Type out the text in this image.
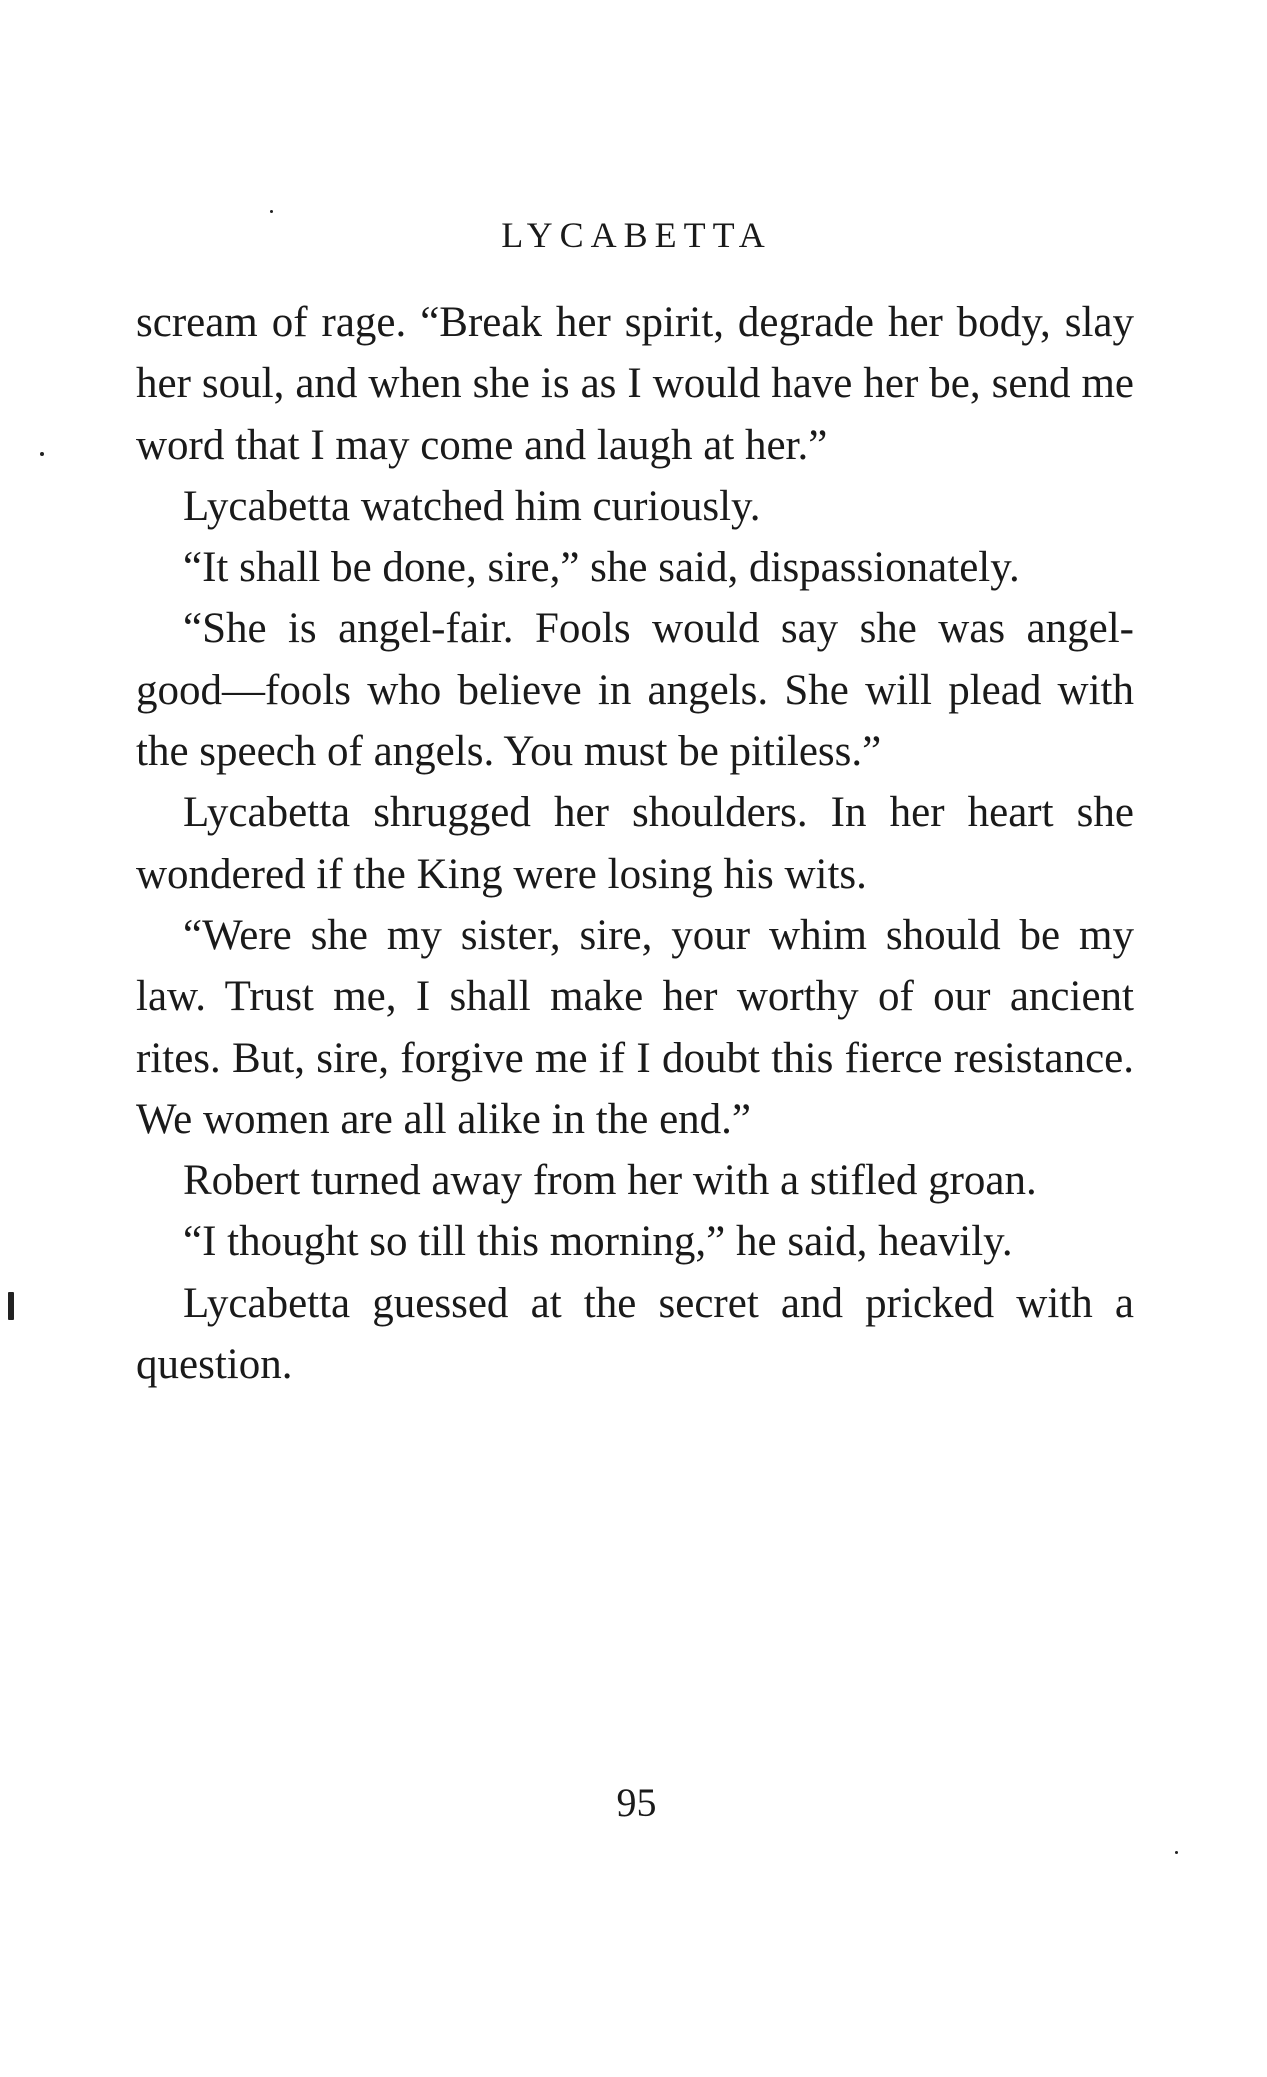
LYCABETTA

scream of rage. “Break her spirit, degrade her body, slay her soul, and when she is as I would have her be, send me word that I may come and laugh at her.”

Lycabetta watched him curiously.

“It shall be done, sire,” she said, dispassionately.

“She is angel-fair. Fools would say she was angel-good—fools who believe in angels. She will plead with the speech of angels. You must be pitiless.”

Lycabetta shrugged her shoulders. In her heart she wondered if the King were losing his wits.

“Were she my sister, sire, your whim should be my law. Trust me, I shall make her worthy of our ancient rites. But, sire, forgive me if I doubt this fierce resistance. We women are all alike in the end.”

Robert turned away from her with a stifled groan.

“I thought so till this morning,” he said, heavily.

Lycabetta guessed at the secret and pricked with a question.

95
